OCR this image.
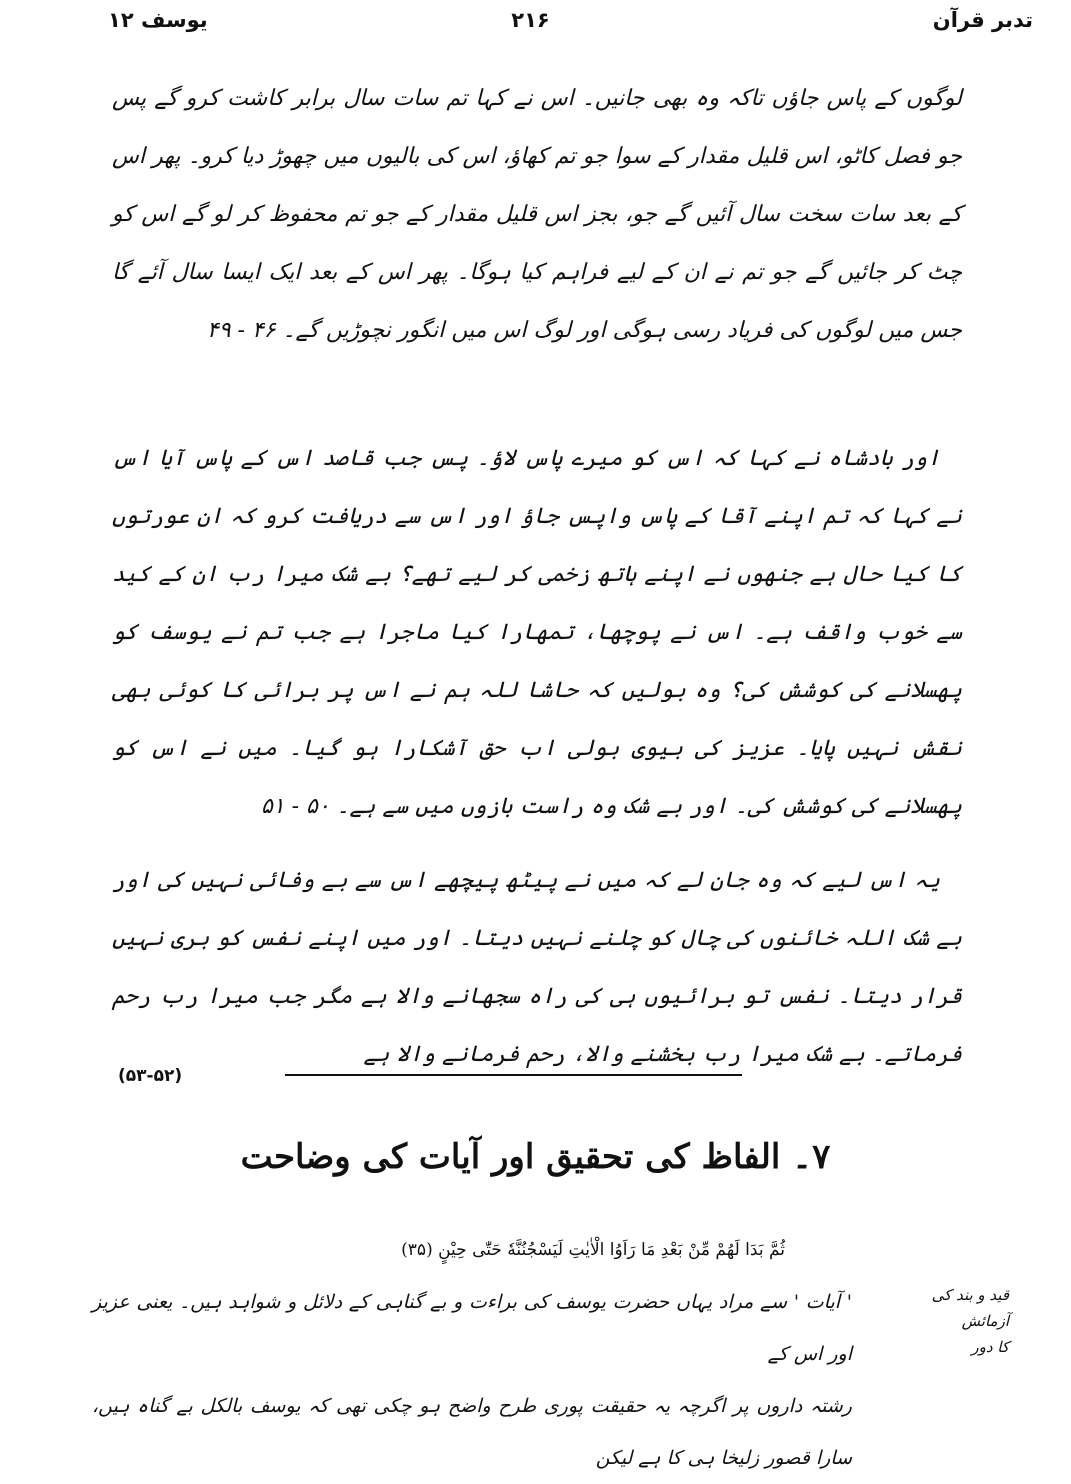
یوسف ۱۲	۲۱۶	تدبر قرآن

لوگوں کے پاس جاؤں تاکہ وہ بھی جانیں۔ اس نے کہا تم سات سال برابر کاشت کرو گے پس جو فصل کاٹو، اس قلیل مقدار کے سوا جو تم کھاؤ، اس کی بالیوں میں چھوڑ دیا کرو۔ پھر اس کے بعد سات سخت سال آئیں گے جو، بجز اس قلیل مقدار کے جو تم محفوظ کر لو گے اس کو چٹ کر جائیں گے جو تم نے ان کے لیے فراہم کیا ہوگا۔ پھر اس کے بعد ایک ایسا سال آئے گا جس میں لوگوں کی فریاد رسی ہوگی اور لوگ اس میں انگور نچوڑیں گے۔ ۴۶ - ۴۹

اور بادشاہ نے کہا کہ اس کو میرے پاس لاؤ۔ پس جب قاصد اس کے پاس آیا اس نے کہا کہ تم اپنے آقا کے پاس واپس جاؤ اور اس سے دریافت کرو کہ ان عورتوں کا کیا حال ہے جنھوں نے اپنے ہاتھ زخمی کر لیے تھے؟ بے شک میرا رب ان کے کید سے خوب واقف ہے۔ اس نے پوچھا، تمھارا کیا ماجرا ہے جب تم نے یوسف کو پھسلانے کی کوشش کی؟ وہ بولیں کہ حاشا للہ ہم نے اس پر برائی کا کوئی بھی نقش نہیں پایا۔ عزیز کی بیوی بولی اب حق آشکارا ہو گیا۔ میں نے اس کو پھسلانے کی کوشش کی۔ اور بے شک وہ راست بازوں میں سے ہے۔ ۵۰ - ۵۱

یہ اس لیے کہ وہ جان لے کہ میں نے پیٹھ پیچھے اس سے بے وفائی نہیں کی اور بے شک اللہ خائنوں کی چال کو چلنے نہیں دیتا۔ اور میں اپنے نفس کو بری نہیں قرار دیتا۔ نفس تو برائیوں ہی کی راہ سجھانے والا ہے مگر جب میرا رب رحم فرماتے۔ بے شک میرا رب بخشنے والا، رحم فرمانے والا ہے

(۵۳-۵۲)
۷۔ الفاظ کی تحقیق اور آیات کی وضاحت
ثُمَّ بَدَا لَهُمْ مِّنْ بَعْدِ مَا رَاَوُا الْاٰيٰتِ لَيَسْجُنُنَّهٗ حَتّٰى حِيْنٍ (۳۵)
قید و بند کی آزمائش
کا دور
' آیات ' سے مراد یہاں حضرت یوسف کی براءت و بے گناہی کے دلائل و شواہد ہیں۔ یعنی عزیز اور اس کے
رشتہ داروں پر اگرچہ یہ حقیقت پوری طرح واضح ہو چکی تھی کہ یوسف بالکل بے گناہ ہیں، سارا قصور زلیخا ہی کا ہے لیکن
